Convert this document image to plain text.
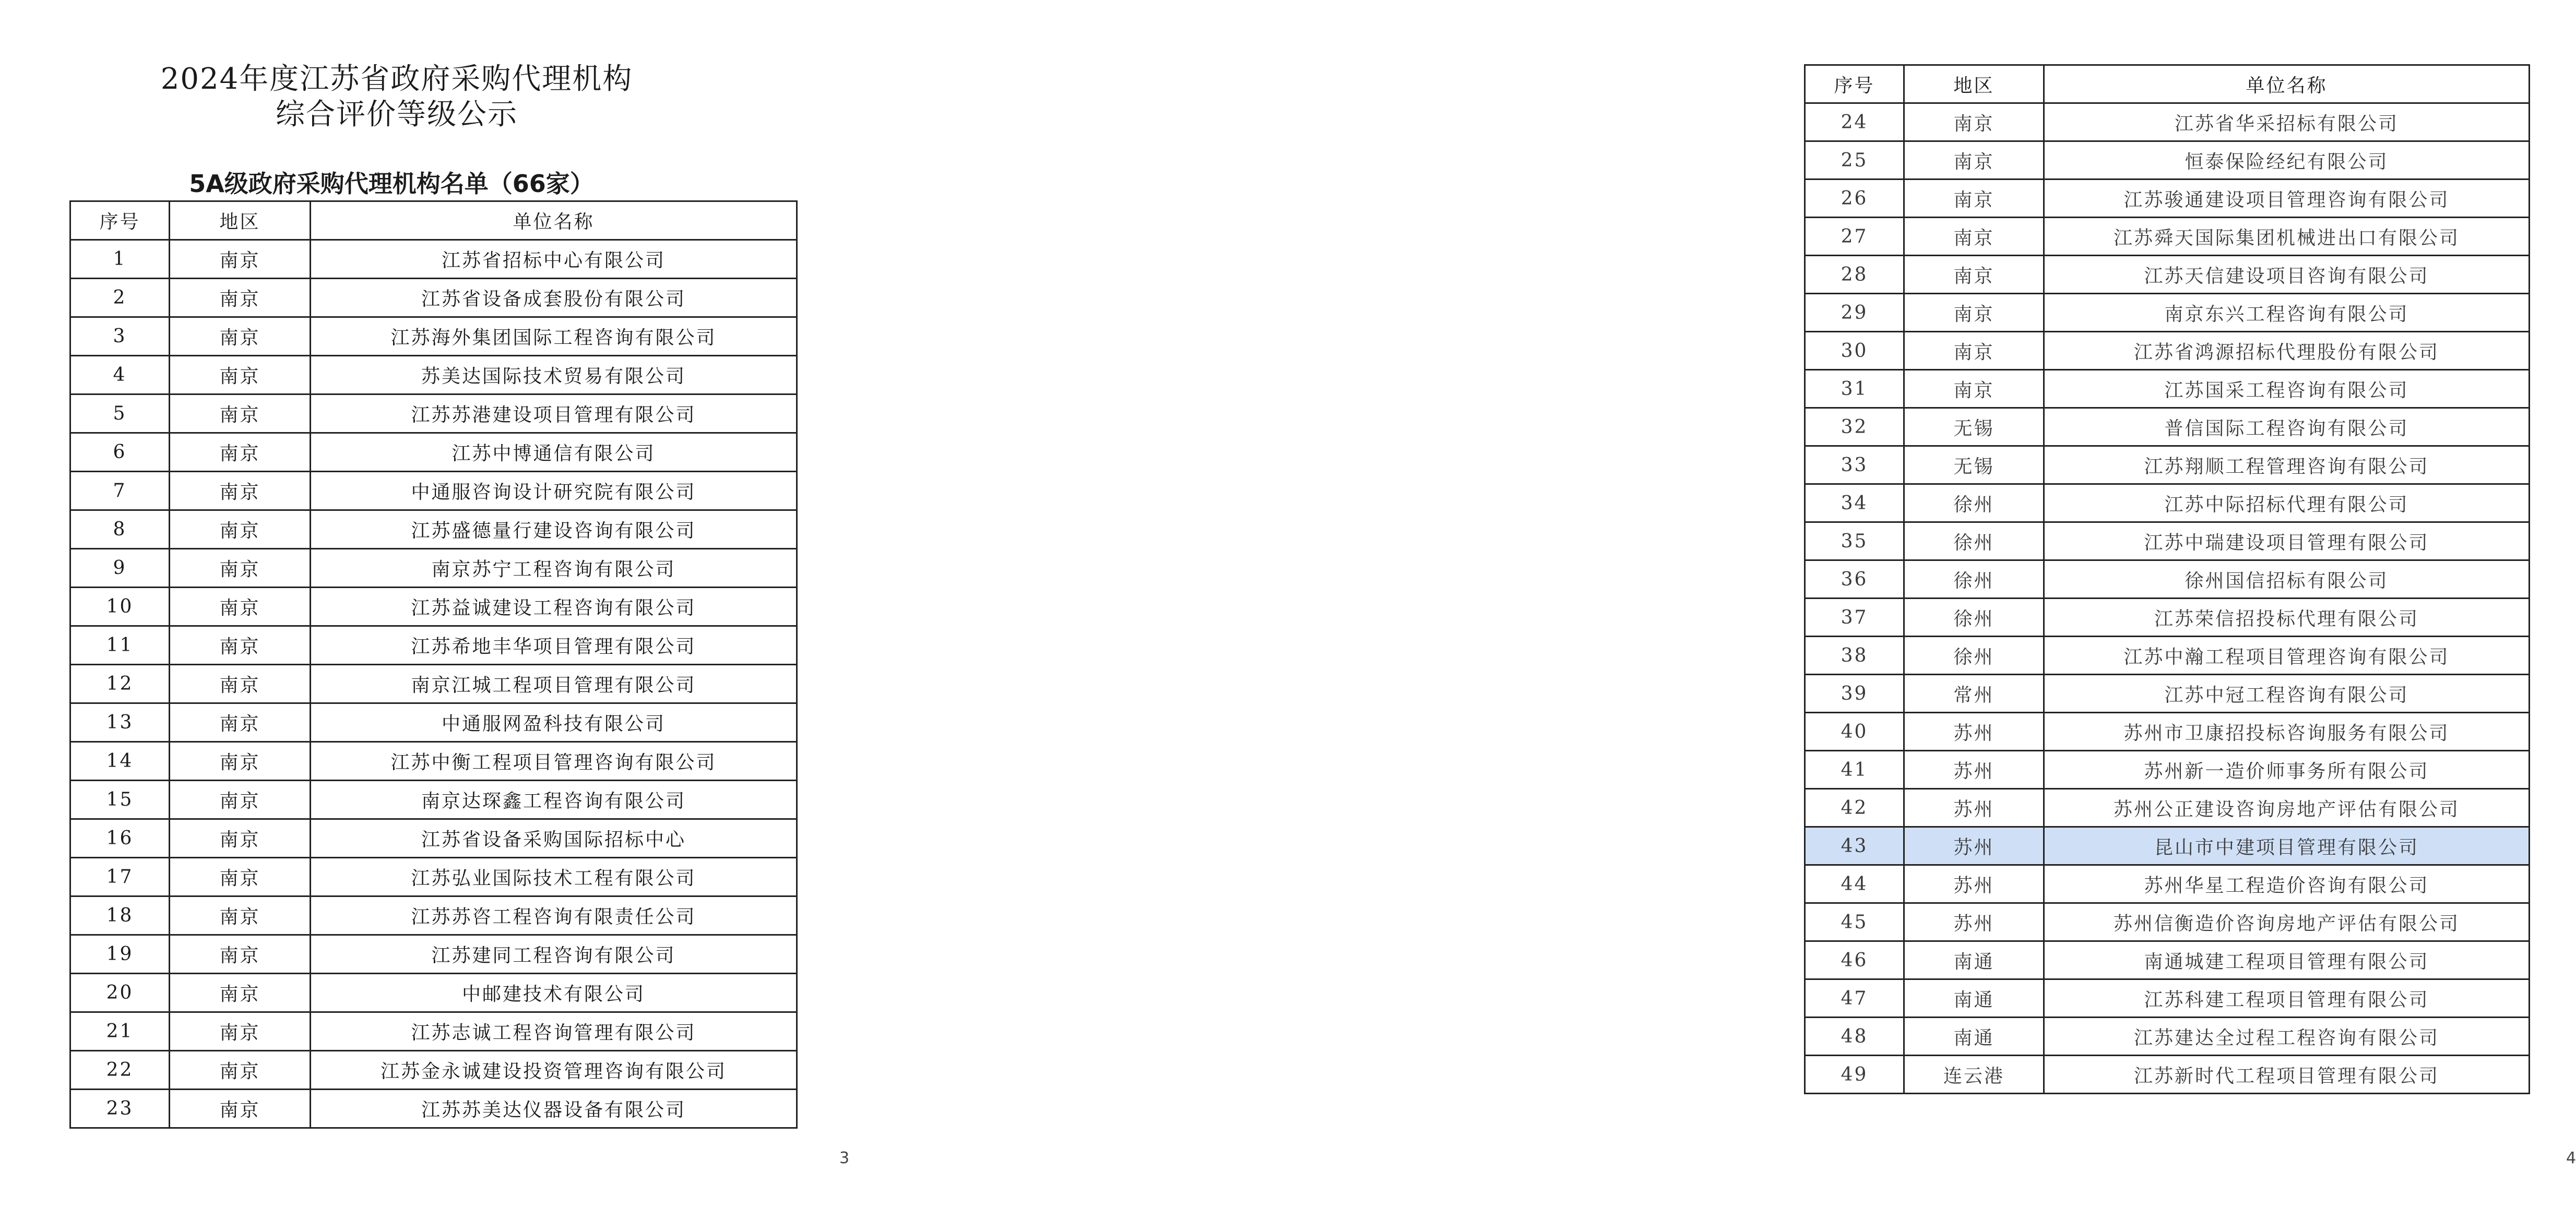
2024年度江苏省政府采购代理机构
综合评价等级公示
5A级政府采购代理机构名单（66家）
序号	地区	单位名称
1	南京	江苏省招标中心有限公司
2	南京	江苏省设备成套股份有限公司
3	南京	江苏海外集团国际工程咨询有限公司
4	南京	苏美达国际技术贸易有限公司
5	南京	江苏苏港建设项目管理有限公司
6	南京	江苏中博通信有限公司
7	南京	中通服咨询设计研究院有限公司
8	南京	江苏盛德量行建设咨询有限公司
9	南京	南京苏宁工程咨询有限公司
10	南京	江苏益诚建设工程咨询有限公司
11	南京	江苏希地丰华项目管理有限公司
12	南京	南京江城工程项目管理有限公司
13	南京	中通服网盈科技有限公司
14	南京	江苏中衡工程项目管理咨询有限公司
15	南京	南京达琛鑫工程咨询有限公司
16	南京	江苏省设备采购国际招标中心
17	南京	江苏弘业国际技术工程有限公司
18	南京	江苏苏咨工程咨询有限责任公司
19	南京	江苏建同工程咨询有限公司
20	南京	中邮建技术有限公司
21	南京	江苏志诚工程咨询管理有限公司
22	南京	江苏金永诚建设投资管理咨询有限公司
23	南京	江苏苏美达仪器设备有限公司
3
序号	地区	单位名称
24	南京	江苏省华采招标有限公司
25	南京	恒泰保险经纪有限公司
26	南京	江苏骏通建设项目管理咨询有限公司
27	南京	江苏舜天国际集团机械进出口有限公司
28	南京	江苏天信建设项目咨询有限公司
29	南京	南京东兴工程咨询有限公司
30	南京	江苏省鸿源招标代理股份有限公司
31	南京	江苏国采工程咨询有限公司
32	无锡	普信国际工程咨询有限公司
33	无锡	江苏翔顺工程管理咨询有限公司
34	徐州	江苏中际招标代理有限公司
35	徐州	江苏中瑞建设项目管理有限公司
36	徐州	徐州国信招标有限公司
37	徐州	江苏荣信招投标代理有限公司
38	徐州	江苏中瀚工程项目管理咨询有限公司
39	常州	江苏中冠工程咨询有限公司
40	苏州	苏州市卫康招投标咨询服务有限公司
41	苏州	苏州新一造价师事务所有限公司
42	苏州	苏州公正建设咨询房地产评估有限公司
43	苏州	昆山市中建项目管理有限公司
44	苏州	苏州华星工程造价咨询有限公司
45	苏州	苏州信衡造价咨询房地产评估有限公司
46	南通	南通城建工程项目管理有限公司
47	南通	江苏科建工程项目管理有限公司
48	南通	江苏建达全过程工程咨询有限公司
49	连云港	江苏新时代工程项目管理有限公司
4
